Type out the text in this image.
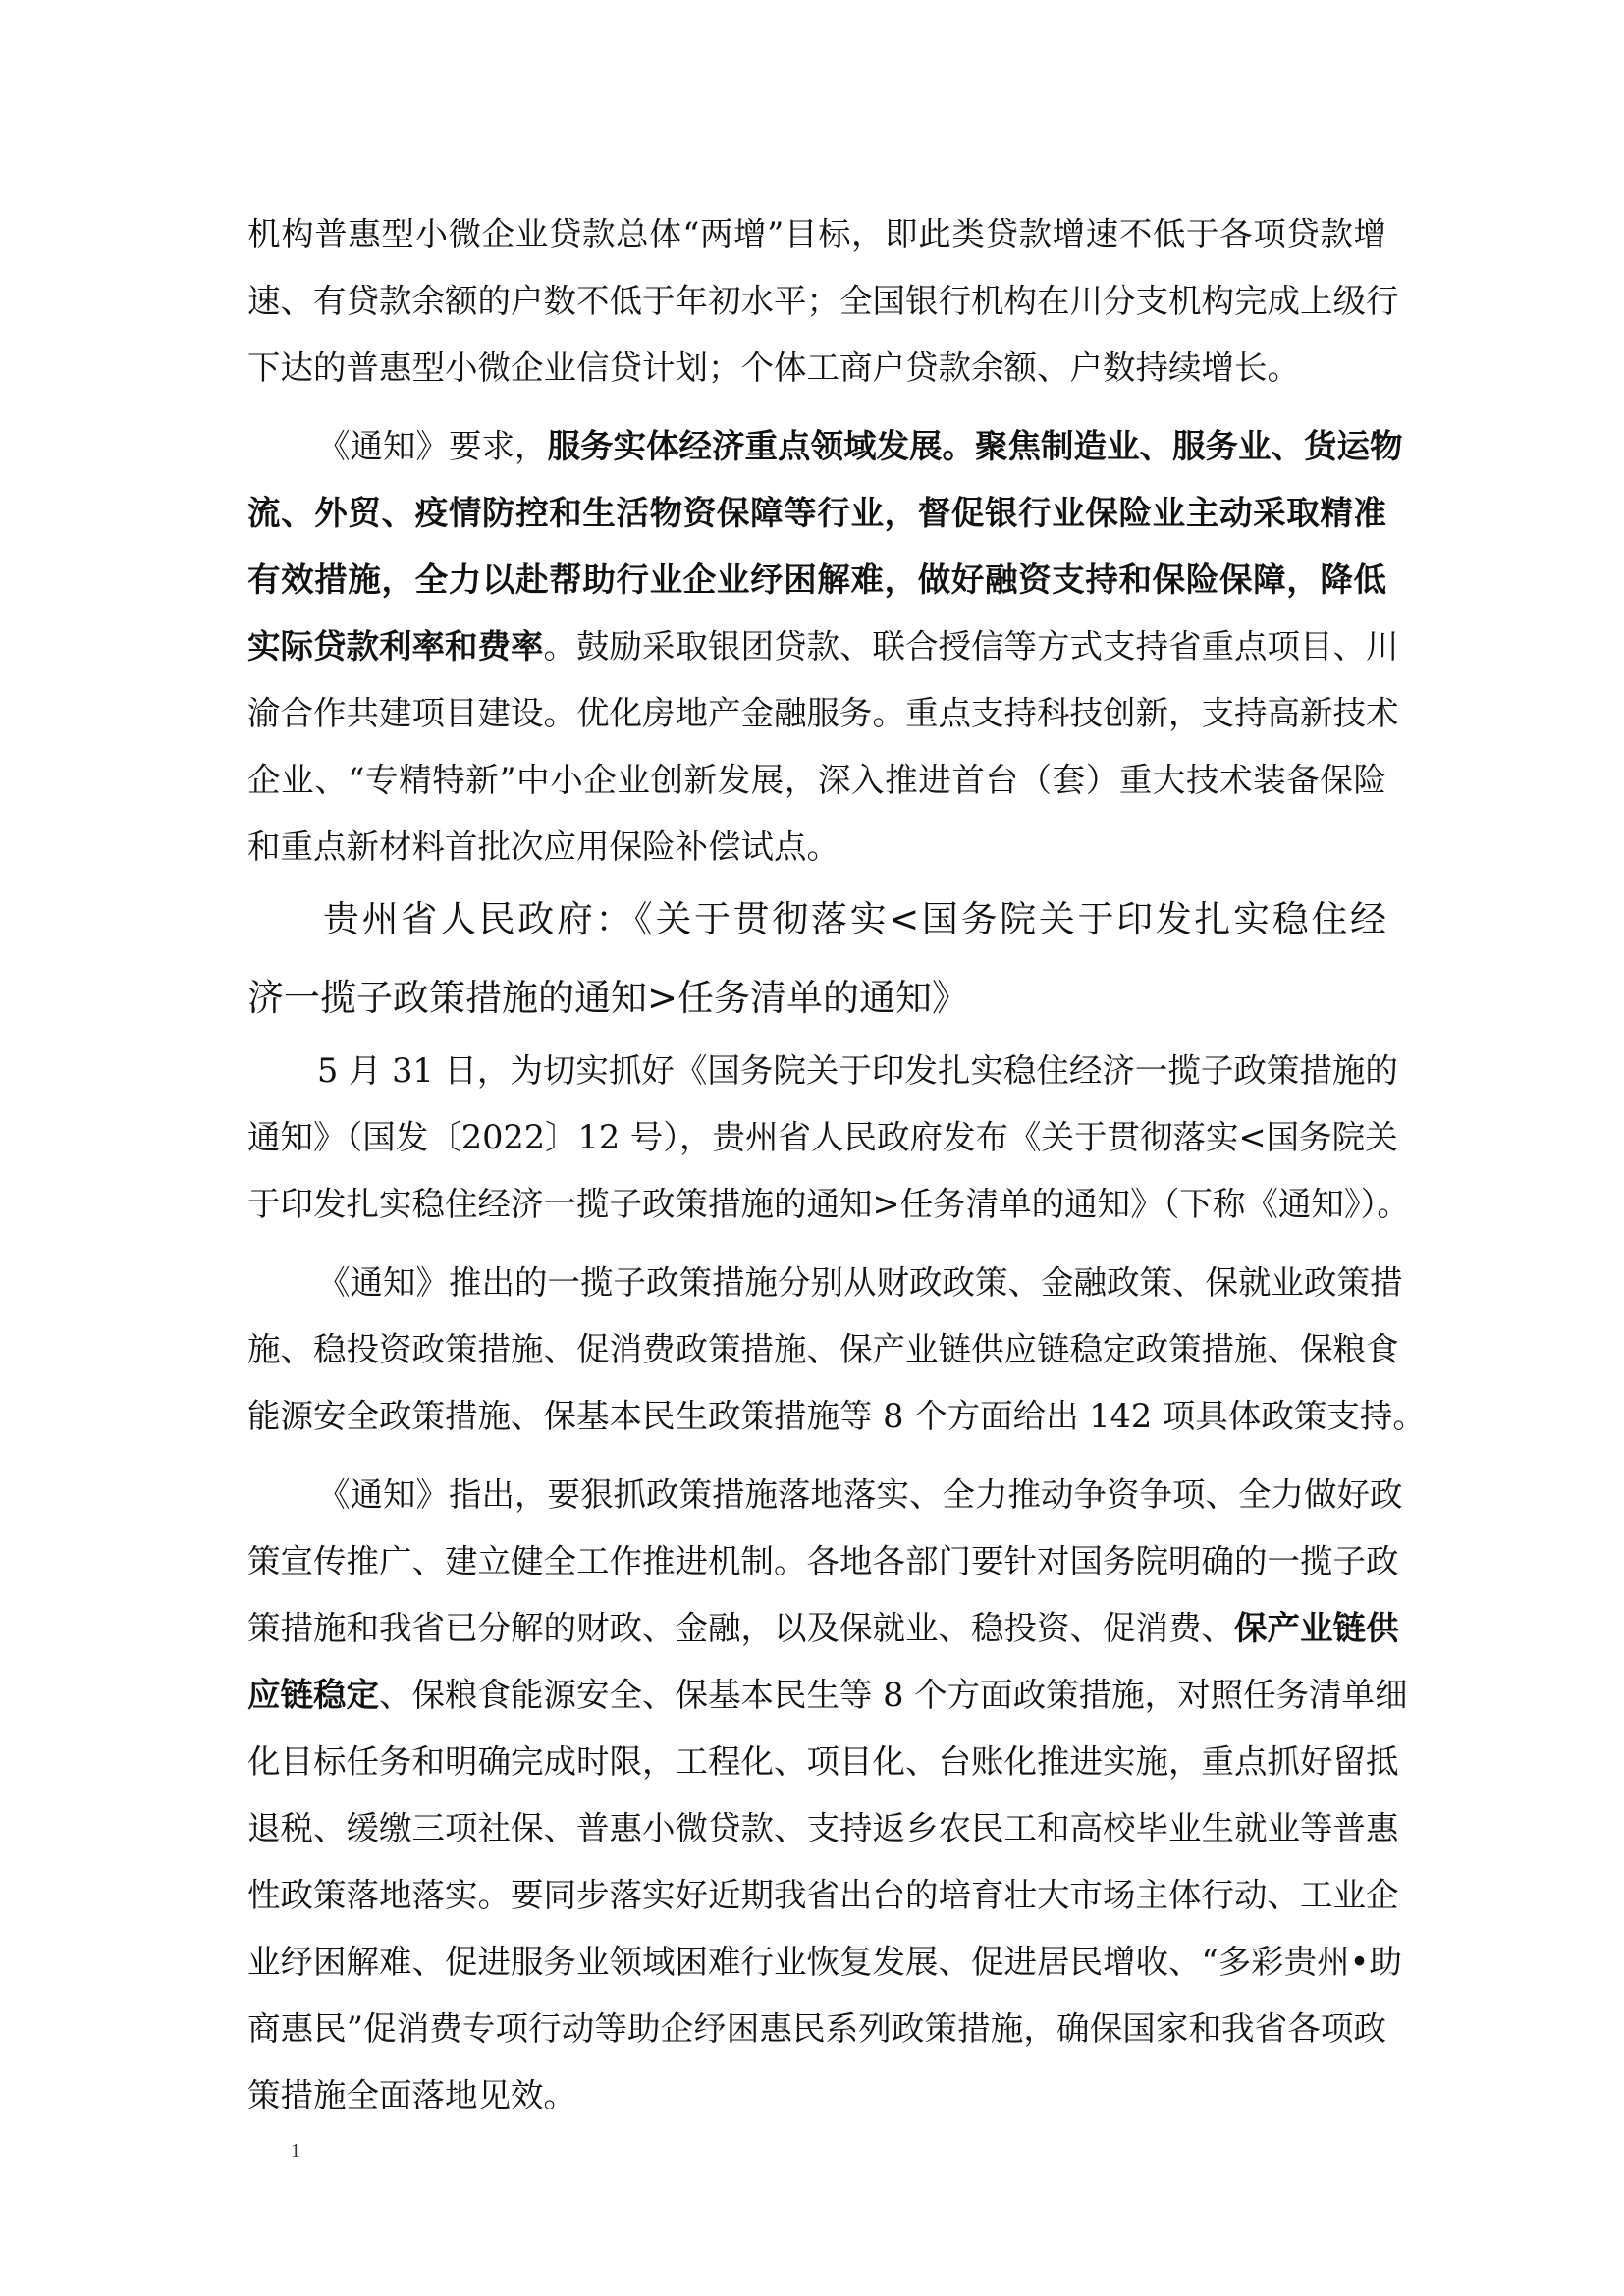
机构普惠型小微企业贷款总体“两增”目标，即此类贷款增速不低于各项贷款增
速、有贷款余额的户数不低于年初水平；全国银行机构在川分支机构完成上级行
下达的普惠型小微企业信贷计划；个体工商户贷款余额、户数持续增长。
《通知》要求，服务实体经济重点领域发展。聚焦制造业、服务业、货运物
流、外贸、疫情防控和生活物资保障等行业，督促银行业保险业主动采取精准
有效措施，全力以赴帮助行业企业纾困解难，做好融资支持和保险保障，降低
实际贷款利率和费率。鼓励采取银团贷款、联合授信等方式支持省重点项目、川
渝合作共建项目建设。优化房地产金融服务。重点支持科技创新，支持高新技术
企业、“专精特新”中小企业创新发展，深入推进首台（套）重大技术装备保险
和重点新材料首批次应用保险补偿试点。
贵州省人民政府：《关于贯彻落实<国务院关于印发扎实稳住经
济一揽子政策措施的通知>任务清单的通知》
5 月 31 日，为切实抓好《国务院关于印发扎实稳住经济一揽子政策措施的
通知》（国发〔2022〕12 号），贵州省人民政府发布《关于贯彻落实<国务院关
于印发扎实稳住经济一揽子政策措施的通知>任务清单的通知》（下称《通知》）。
《通知》推出的一揽子政策措施分别从财政政策、金融政策、保就业政策措
施、稳投资政策措施、促消费政策措施、保产业链供应链稳定政策措施、保粮食
能源安全政策措施、保基本民生政策措施等 8 个方面给出 142 项具体政策支持。
《通知》指出，要狠抓政策措施落地落实、全力推动争资争项、全力做好政
策宣传推广、建立健全工作推进机制。各地各部门要针对国务院明确的一揽子政
策措施和我省已分解的财政、金融，以及保就业、稳投资、促消费、保产业链供
应链稳定、保粮食能源安全、保基本民生等 8 个方面政策措施，对照任务清单细
化目标任务和明确完成时限，工程化、项目化、台账化推进实施，重点抓好留抵
退税、缓缴三项社保、普惠小微贷款、支持返乡农民工和高校毕业生就业等普惠
性政策落地落实。要同步落实好近期我省出台的培育壮大市场主体行动、工业企
业纾困解难、促进服务业领域困难行业恢复发展、促进居民增收、“多彩贵州•助
商惠民”促消费专项行动等助企纾困惠民系列政策措施，确保国家和我省各项政
策措施全面落地见效。
1
